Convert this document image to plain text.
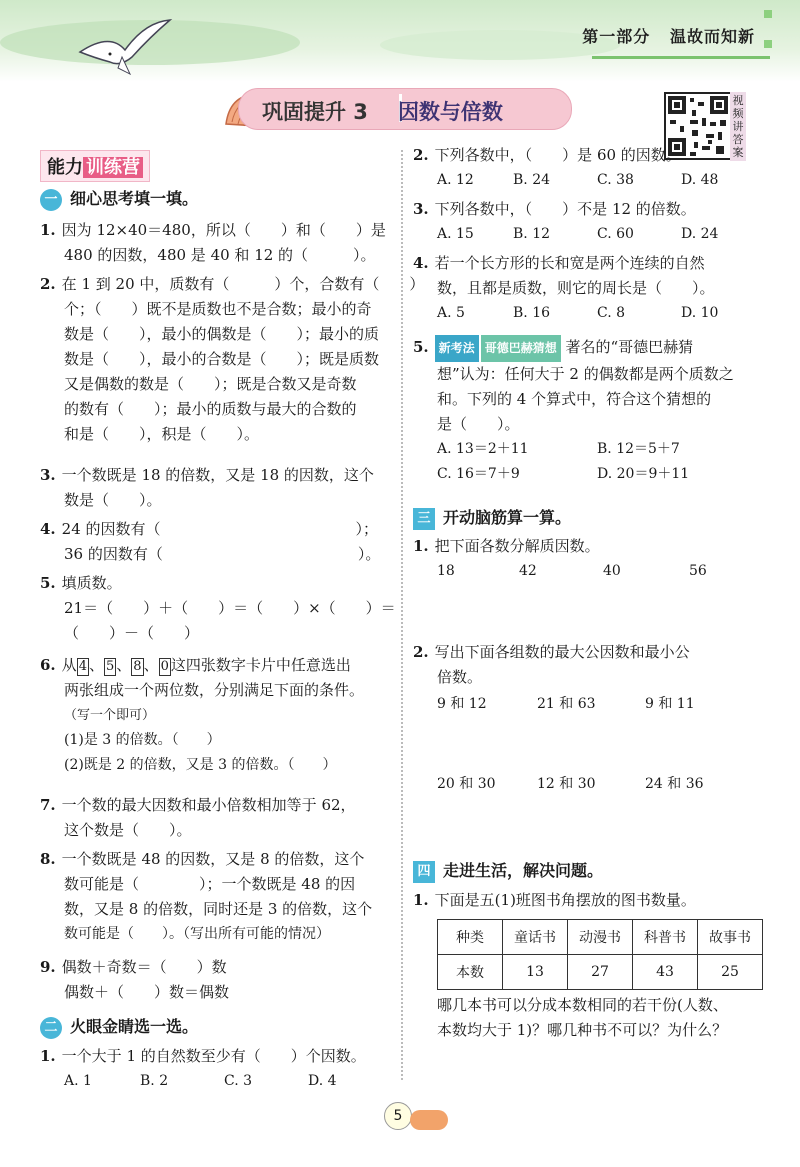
第一部分 温故而知新
巩固提升 3 因数与倍数	视频讲答案
能力 训练营
一 细心思考填一填。
1. 因为 12×40＝480，所以（　　）和（　　）是
480 的因数，480 是 40 和 12 的（　　　）。
2. 在 1 到 20 中，质数有（　　　）个，合数有（　　）
个；（　　）既不是质数也不是合数；最小的奇
数是（　　），最小的偶数是（　　）；最小的质
数是（　　），最小的合数是（　　）；既是质数
又是偶数的数是（　　）；既是合数又是奇数
的数有（　　）；最小的质数与最大的合数的
和是（　　），积是（　　）。
3. 一个数既是 18 的倍数，又是 18 的因数，这个
数是（　　）。
4. 24 的因数有（　　　　　　　　　　　　　）；
36 的因数有（　　　　　　　　　　　　　）。
5. 填质数。
21＝（　　）＋（　　）＝（　　）×（　　）＝
（　　）－（　　）
6. 从 4 、 5 、 8 、 0 这四张数字卡片中任意选出
两张组成一个两位数，分别满足下面的条件。
（写一个即可）
(1)是 3 的倍数。（　　）
(2)既是 2 的倍数，又是 3 的倍数。（　　）
7. 一个数的最大因数和最小倍数相加等于 62，
这个数是（　　）。
8. 一个数既是 48 的因数，又是 8 的倍数，这个
数可能是（　　　　）；一个数既是 48 的因
数，又是 8 的倍数，同时还是 3 的倍数，这个
数可能是（　　）。（写出所有可能的情况）
9. 偶数＋奇数＝（　　）数
偶数＋（　　）数＝偶数
二 火眼金睛选一选。
1. 一个大于 1 的自然数至少有（　　）个因数。
A. 1	B. 2	C. 3	D. 4
2. 下列各数中，（　　）是 60 的因数。
A. 12	B. 24	C. 38	D. 48
3. 下列各数中，（　　）不是 12 的倍数。
A. 15	B. 12	C. 60	D. 24
4. 若一个长方形的长和宽是两个连续的自然
数，且都是质数，则它的周长是（　　）。
A. 5	B. 16	C. 8	D. 10
5. 新考法 哥德巴赫猜想 著名的“哥德巴赫猜
想”认为：任何大于 2 的偶数都是两个质数之
和。下列的 4 个算式中，符合这个猜想的
是（　　）。
A. 13＝2＋11	B. 12＝5＋7
C. 16＝7＋9	D. 20＝9＋11
三 开动脑筋算一算。
1. 把下面各数分解质因数。
18	42	40	56
2. 写出下面各组数的最大公因数和最小公
倍数。
9 和 12	21 和 63	9 和 11
20 和 30	12 和 30	24 和 36
四 走进生活，解决问题。
1. 下面是五(1)班图书角摆放的图书数量。
种类	童话书	动漫书	科普书	故事书
本数	13	27	43	25
哪几本书可以分成本数相同的若干份(人数、
本数均大于 1)？哪几种书不可以？为什么？
5
